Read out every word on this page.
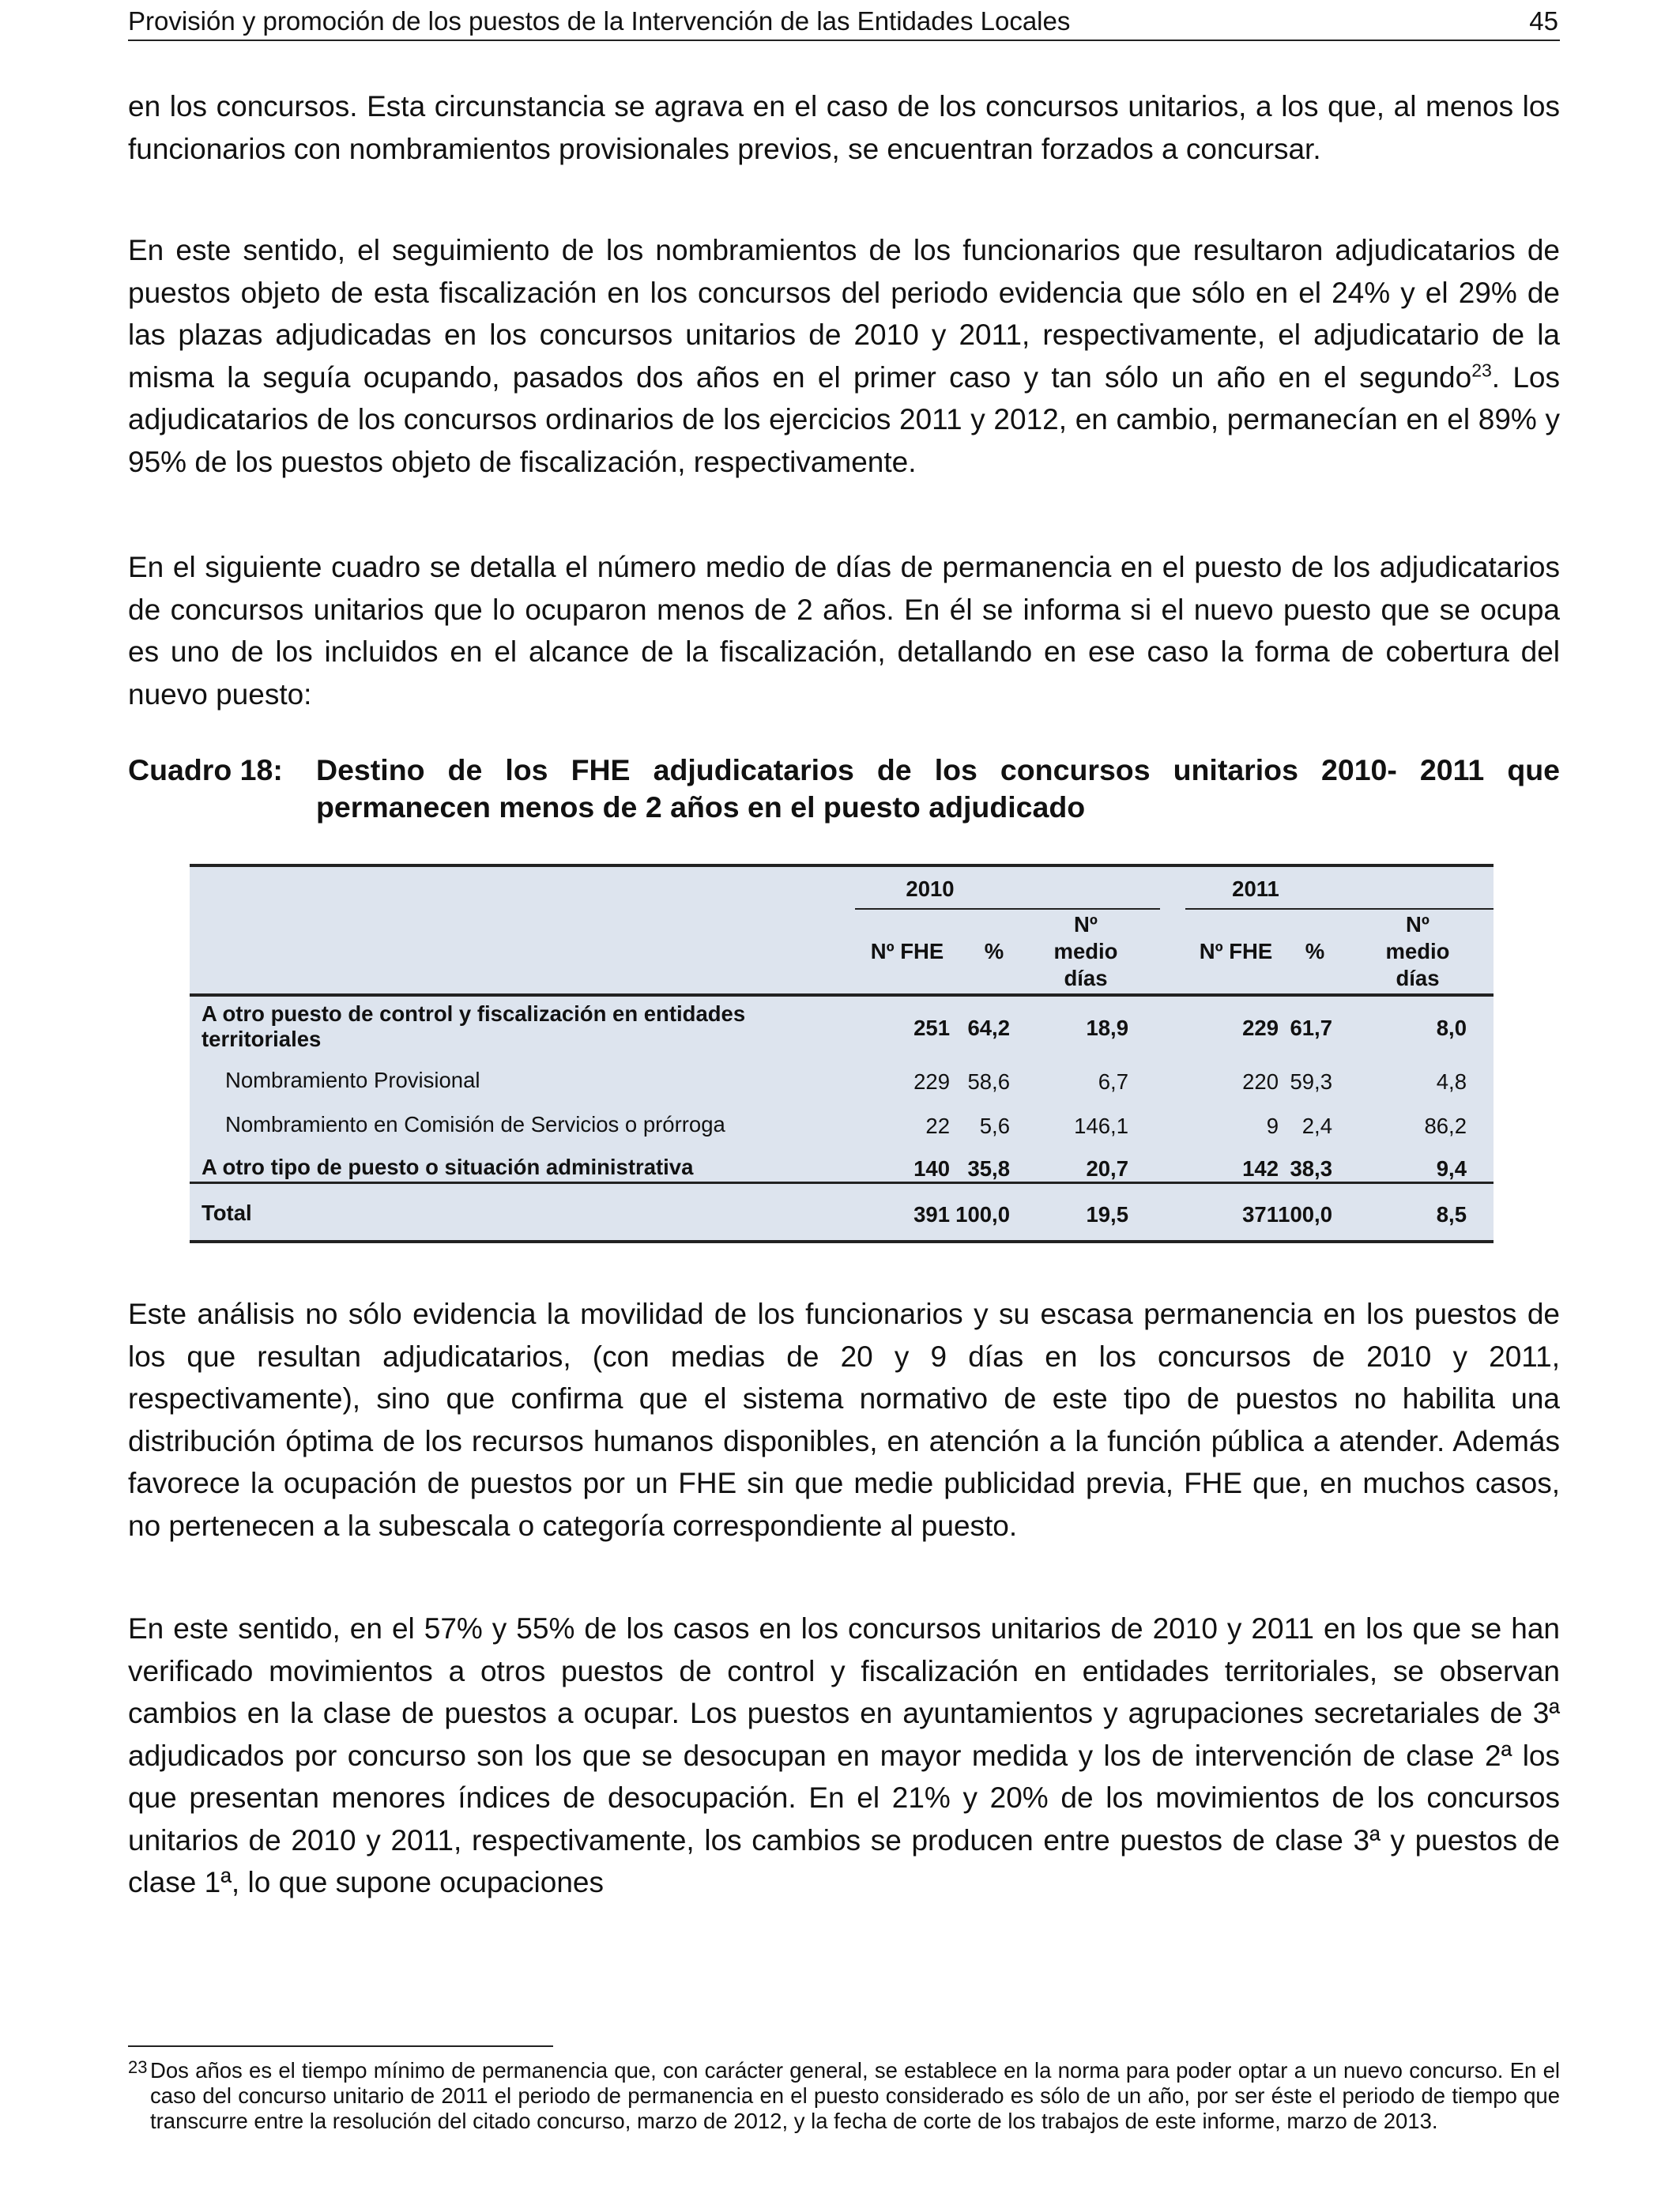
Provisión y promoción de los puestos de la Intervención de las Entidades Locales	45

en los concursos. Esta circunstancia se agrava en el caso de los concursos unitarios, a los que, al menos los funcionarios con nombramientos provisionales previos, se encuentran forzados a concursar.

En este sentido, el seguimiento de los nombramientos de los funcionarios que resultaron adjudicatarios de puestos objeto de esta fiscalización en los concursos del periodo evidencia que sólo en el 24% y el 29% de las plazas adjudicadas en los concursos unitarios de 2010 y 2011, respectivamente, el adjudicatario de la misma la seguía ocupando, pasados dos años en el primer caso y tan sólo un año en el segundo$^{23}$. Los adjudicatarios de los concursos ordinarios de los ejercicios 2011 y 2012, en cambio, permanecían en el 89% y 95% de los puestos objeto de fiscalización, respectivamente.

En el siguiente cuadro se detalla el número medio de días de permanencia en el puesto de los adjudicatarios de concursos unitarios que lo ocuparon menos de 2 años. En él se informa si el nuevo puesto que se ocupa es uno de los incluidos en el alcance de la fiscalización, detallando en ese caso la forma de cobertura del nuevo puesto:

Cuadro 18: Destino de los FHE adjudicatarios de los concursos unitarios 2010- 2011 que permanecen menos de 2 años en el puesto adjudicado
2010	2011
Nº FHE	%
Nº
medio
días
Nº FHE	%
Nº
medio
días
A otro puesto de control y fiscalización en entidades territoriales	251 64,2	18,9	229 61,7	8,0
Nombramiento Provisional	229 58,6	6,7	220 59,3	4,8
Nombramiento en Comisión de Servicios o prórroga	22	5,6	146,1	9	2,4	86,2
A otro tipo de puesto o situación administrativa	140 35,8	20,7	142 38,3	9,4
Total	391 100,0	19,5	371 100,0	8,5

Este análisis no sólo evidencia la movilidad de los funcionarios y su escasa permanencia en los puestos de los que resultan adjudicatarios, (con medias de 20 y 9 días en los concursos de 2010 y 2011, respectivamente), sino que confirma que el sistema normativo de este tipo de puestos no habilita una distribución óptima de los recursos humanos disponibles, en atención a la función pública a atender. Además favorece la ocupación de puestos por un FHE sin que medie publicidad previa, FHE que, en muchos casos, no pertenecen a la subescala o categoría correspondiente al puesto.

En este sentido, en el 57% y 55% de los casos en los concursos unitarios de 2010 y 2011 en los que se han verificado movimientos a otros puestos de control y fiscalización en entidades territoriales, se observan cambios en la clase de puestos a ocupar. Los puestos en ayuntamientos y agrupaciones secretariales de 3ª adjudicados por concurso son los que se desocupan en mayor medida y los de intervención de clase 2ª los que presentan menores índices de desocupación. En el 21% y 20% de los movimientos de los concursos unitarios de 2010 y 2011, respectivamente, los cambios se producen entre puestos de clase 3ª y puestos de clase 1ª, lo que supone ocupaciones

23 Dos años es el tiempo mínimo de permanencia que, con carácter general, se establece en la norma para poder optar a un nuevo concurso. En el caso del concurso unitario de 2011 el periodo de permanencia en el puesto considerado es sólo de un año, por ser éste el periodo de tiempo que transcurre entre la resolución del citado concurso, marzo de 2012, y la fecha de corte de los trabajos de este informe, marzo de 2013.
